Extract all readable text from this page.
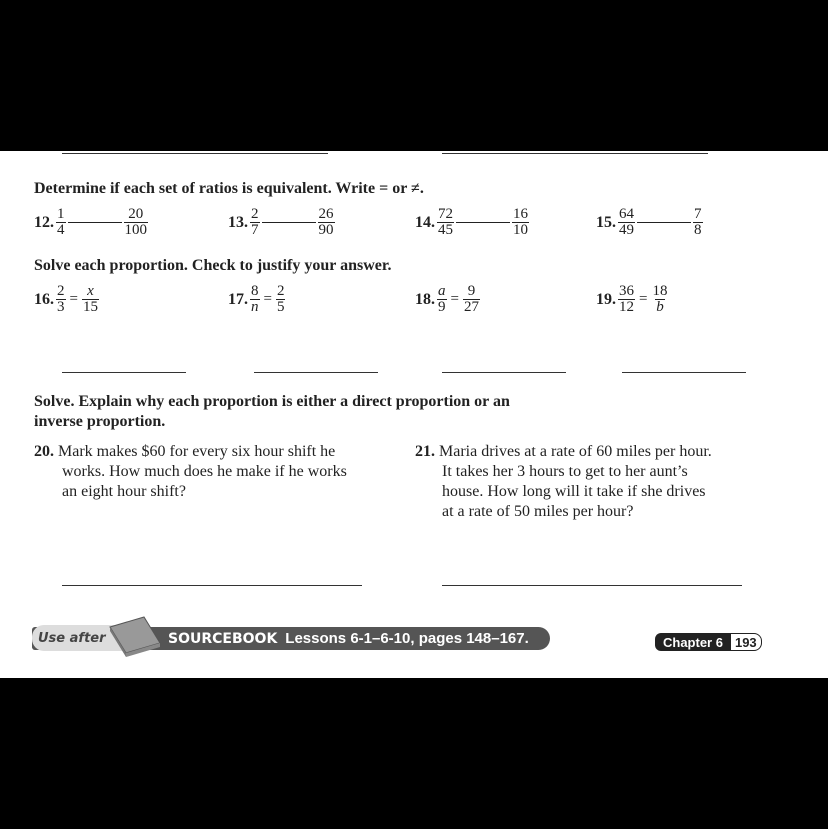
Determine if each set of ratios is equivalent. Write = or ≠.
12. $\frac{1}{4}$	$\frac{20}{100}$	13. $\frac{2}{7}$	$\frac{26}{90}$	14. $\frac{72}{45}$	$\frac{16}{10}$	15. $\frac{64}{49}$	$\frac{7}{8}$
Solve each proportion. Check to justify your answer.
16. $\frac{2}{3} = \frac{x}{15}$	17. $\frac{8}{n} = \frac{2}{5}$	18. $\frac{a}{9} = \frac{9}{27}$	19. $\frac{36}{12} = \frac{18}{b}$
Solve. Explain why each proportion is either a direct proportion or an
inverse proportion.
20. Mark makes $60 for every six hour shift he
works. How much does he make if he works
an eight hour shift?
21. Maria drives at a rate of 60 miles per hour.
It takes her 3 hours to get to her aunt’s
house. How long will it take if she drives
at a rate of 50 miles per hour?
Use after	SOURCEBOOK Lessons 6-1–6-10, pages 148–167.	Chapter 6 193
